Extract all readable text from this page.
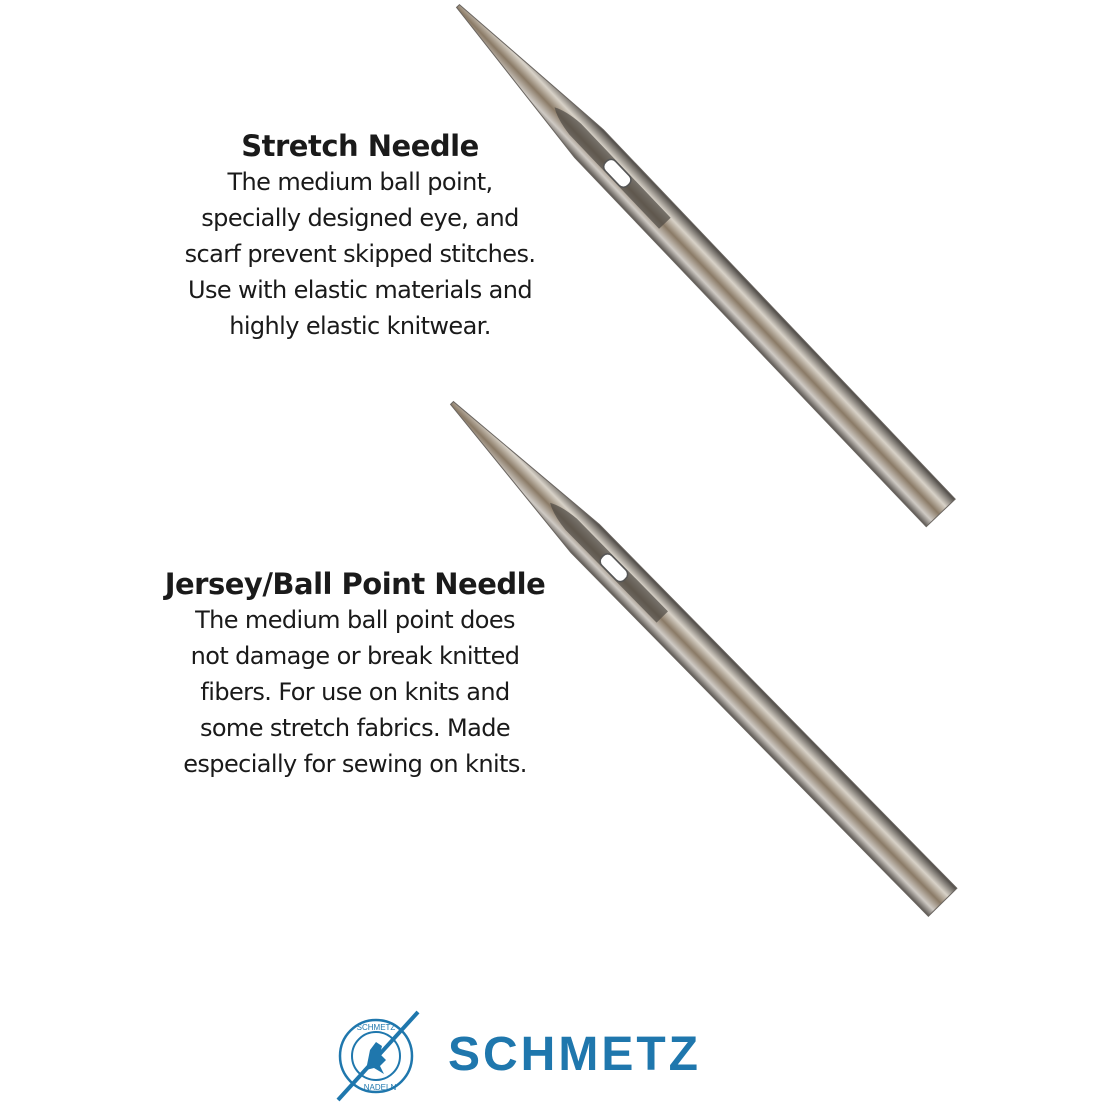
Stretch Needle
The medium ball point,
specially designed eye, and
scarf prevent skipped stitches.
Use with elastic materials and
highly elastic knitwear.
Jersey/Ball Point Needle
The medium ball point does
not damage or break knitted
fibers. For use on knits and
some stretch fabrics. Made
especially for sewing on knits.
SCHMETZ
NADELN
SCHMETZ
